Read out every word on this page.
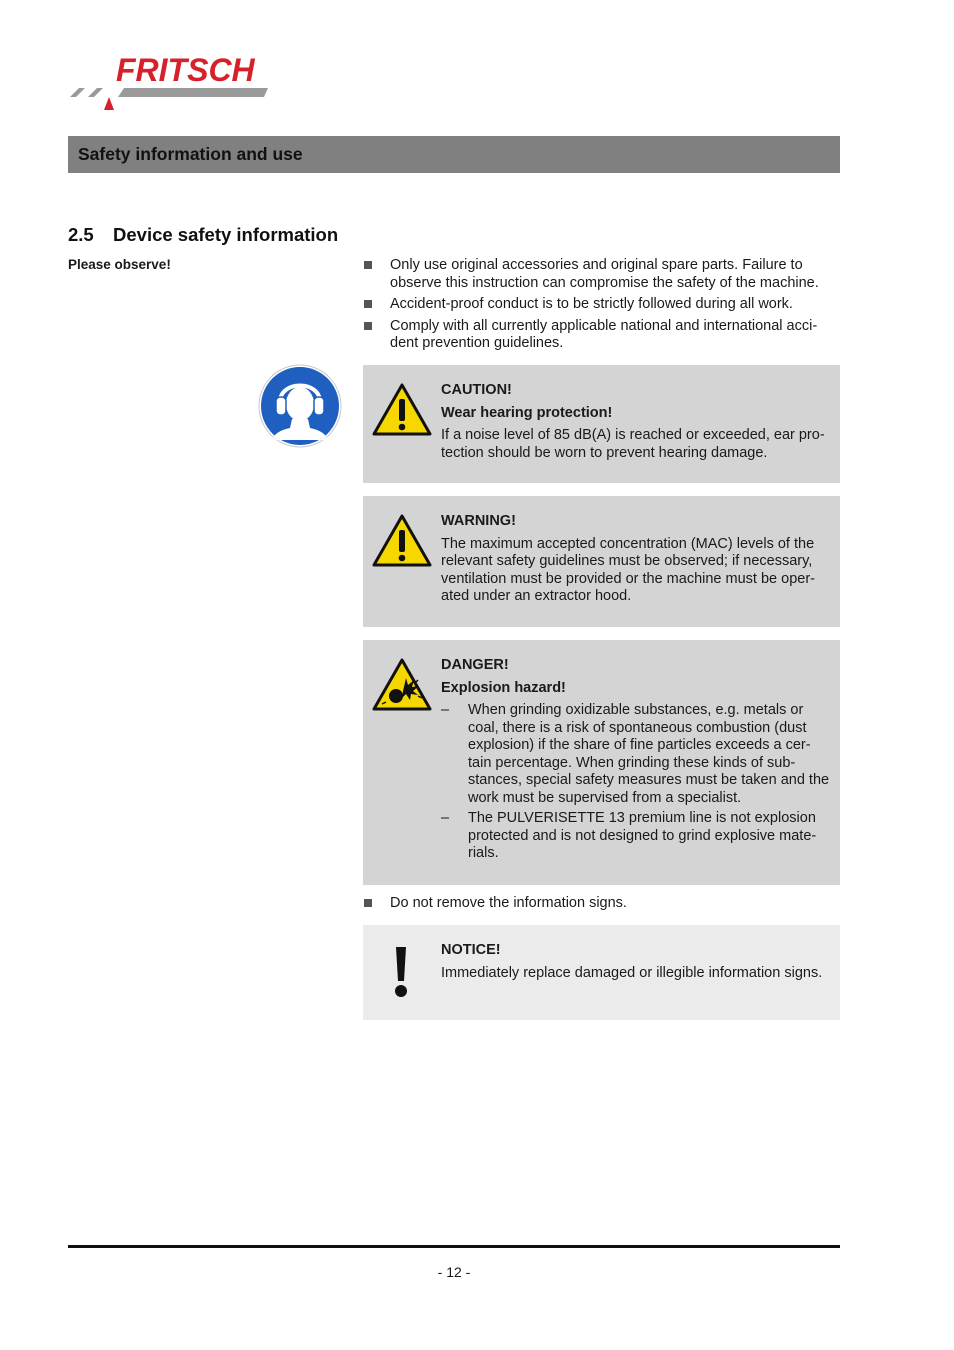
FRITSCH
Safety information and use
2.5 Device safety information
Please observe!	Only use original accessories and original spare parts. Failure to observe this instruction can compromise the safety of the machine.
Accident-proof conduct is to be strictly followed during all work.
Comply with all currently applicable national and international acci-dent prevention guidelines.
CAUTION!
Wear hearing protection!

If a noise level of 85 dB(A) is reached or exceeded, ear pro-tection should be worn to prevent hearing damage.

WARNING!

The maximum accepted concentration (MAC) levels of the relevant safety guidelines must be observed; if necessary, ventilation must be provided or the machine must be oper-ated under an extractor hood.

DANGER!
Explosion hazard!
– When grinding oxidizable substances, e.g. metals or coal, there is a risk of spontaneous combustion (dust explosion) if the share of fine particles exceeds a cer-tain percentage. When grinding these kinds of sub-stances, special safety measures must be taken and the work must be supervised from a specialist.
– The PULVERISETTE 13 premium line is not explosion protected and is not designed to grind explosive mate-rials.
Do not remove the information signs.
NOTICE!

Immediately replace damaged or illegible information signs.

- 12 -
